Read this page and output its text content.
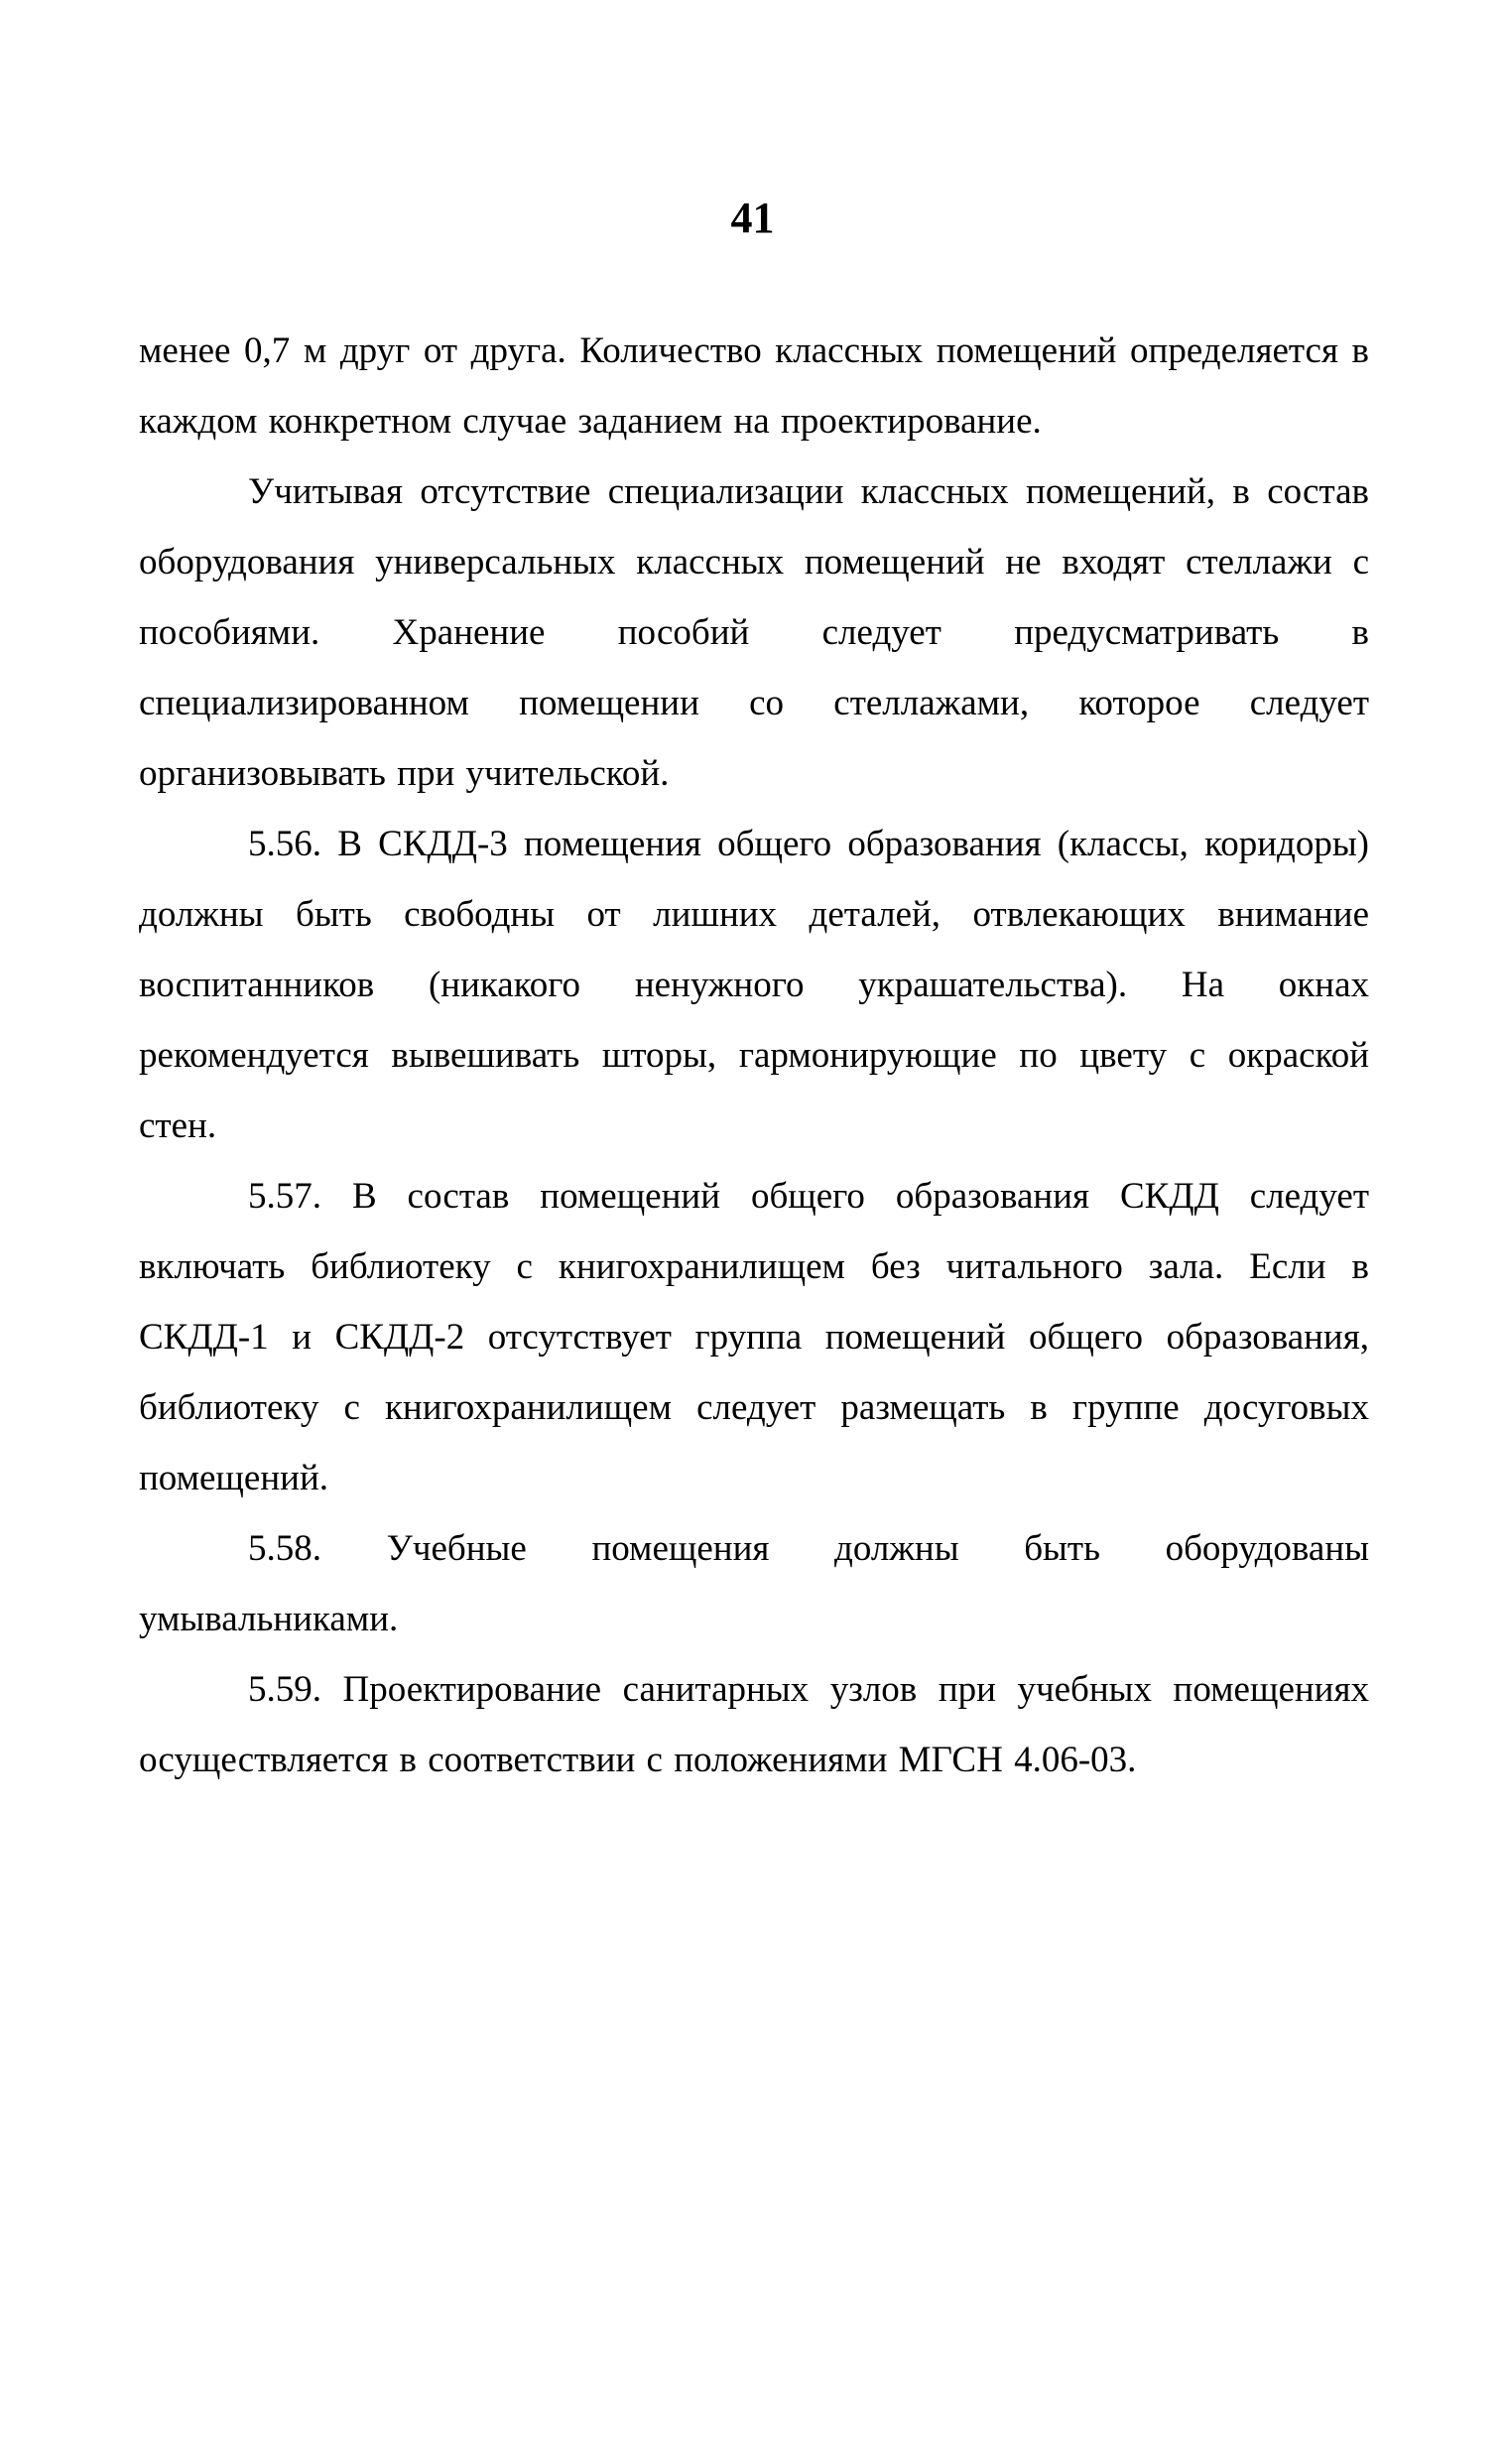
41

менее 0,7 м друг от друга. Количество классных помещений определяется в каждом конкретном случае заданием на проектирование.

Учитывая отсутствие специализации классных помещений, в состав оборудования универсальных классных помещений не входят стеллажи с пособиями. Хранение пособий следует предусматривать в специализированном помещении со стеллажами, которое следует организовывать при учительской.

5.56. В СКДД-3 помещения общего образования (классы, коридоры) должны быть свободны от лишних деталей, отвлекающих внимание воспитанников (никакого ненужного украшательства). На окнах рекомендуется вывешивать шторы, гармонирующие по цвету с окраской стен.

5.57. В состав помещений общего образования СКДД следует включать библиотеку с книгохранилищем без читального зала. Если в СКДД-1 и СКДД-2 отсутствует группа помещений общего образования, библиотеку с книгохранилищем следует размещать в группе досуговых помещений.

5.58. Учебные помещения должны быть оборудованы умывальниками.

5.59. Проектирование санитарных узлов при учебных помещениях осуществляется в соответствии с положениями МГСН 4.06-03.
